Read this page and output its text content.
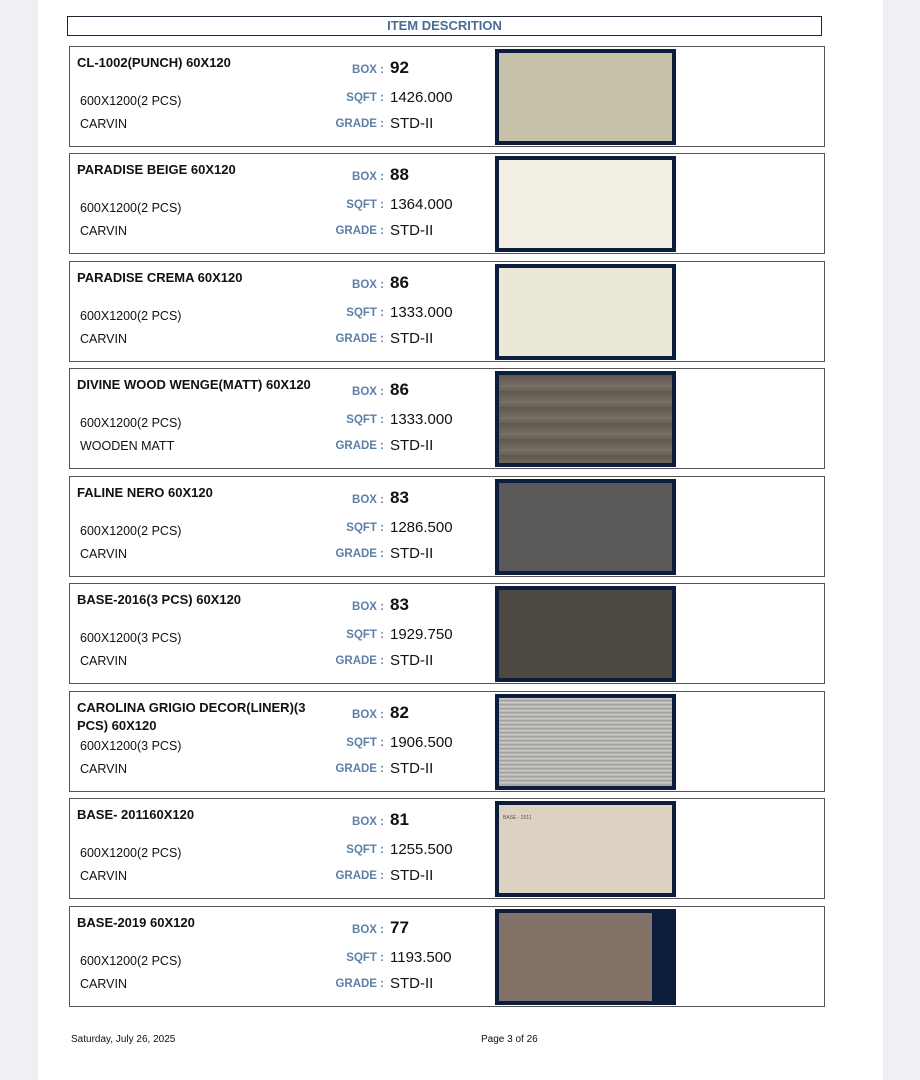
ITEM DESCRITION
CL-1002(PUNCH) 60X120
600X1200(2 PCS)
CARVIN
BOX : 92
SQFT : 1426.000
GRADE : STD-II
PARADISE BEIGE 60X120
600X1200(2 PCS)
CARVIN
BOX : 88
SQFT : 1364.000
GRADE : STD-II
PARADISE CREMA 60X120
600X1200(2 PCS)
CARVIN
BOX : 86
SQFT : 1333.000
GRADE : STD-II
DIVINE WOOD WENGE(MATT) 60X120
600X1200(2 PCS)
WOODEN MATT
BOX : 86
SQFT : 1333.000
GRADE : STD-II
FALINE NERO 60X120
600X1200(2 PCS)
CARVIN
BOX : 83
SQFT : 1286.500
GRADE : STD-II
BASE-2016(3 PCS) 60X120
600X1200(3 PCS)
CARVIN
BOX : 83
SQFT : 1929.750
GRADE : STD-II
CAROLINA GRIGIO DECOR(LINER)(3 PCS) 60X120
600X1200(3 PCS)
CARVIN
BOX : 82
SQFT : 1906.500
GRADE : STD-II
BASE- 201160X120
600X1200(2 PCS)
CARVIN
BOX : 81
SQFT : 1255.500
GRADE : STD-II
BASE - 2011
BASE-2019 60X120
600X1200(2 PCS)
CARVIN
BOX : 77
SQFT : 1193.500
GRADE : STD-II
Saturday, July 26, 2025	Page 3 of 26
